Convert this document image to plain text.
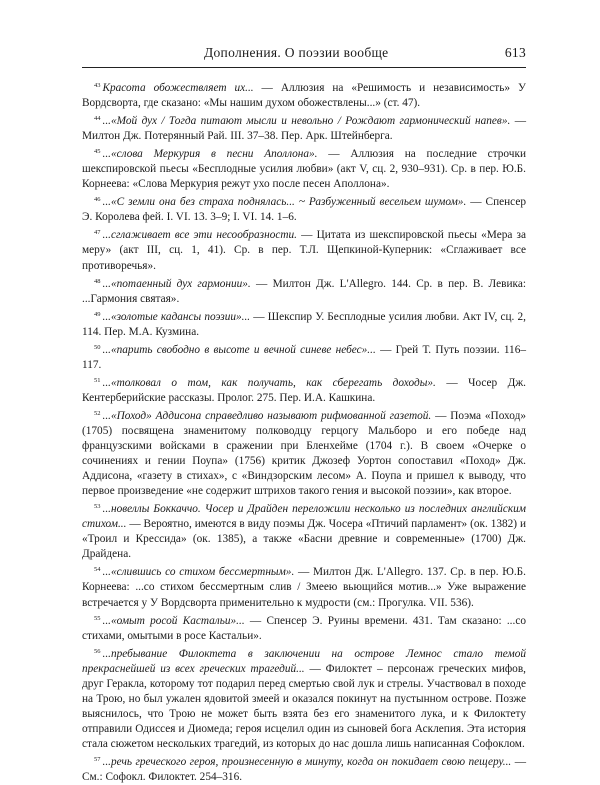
Дополнения. О поэзии вообще	613

$^{43}$ Красота обожествляет их... — Аллюзия на «Решимость и независимость» У Вордсворта, где сказано: «Мы нашим духом обожествлены...» (ст. 47).

$^{44}$ ...«Мой дух / Тогда питают мысли и невольно / Рождают гармонический напев». — Милтон Дж. Потерянный Рай. III. 37–38. Пер. Арк. Штейнберга.

$^{45}$ ...«слова Меркурия в песни Аполлона». — Аллюзия на последние строчки шекспировской пьесы «Бесплодные усилия любви» (акт V, сц. 2, 930–931). Ср. в пер. Ю.Б. Корнеева: «Слова Меркурия режут ухо после песен Аполлона».

$^{46}$ ...«С земли она без страха поднялась... ~ Разбуженный весельем шумом». — Спенсер Э. Королева фей. I. VI. 13. 3–9; I. VI. 14. 1–6.

$^{47}$ ...сглаживает все эти несообразности. — Цитата из шекспировской пьесы «Мера за меру» (акт III, сц. 1, 41). Ср. в пер. Т.Л. Щепкиной-Куперник: «Сглаживает все противоречья».

$^{48}$ ...«потаенный дух гармонии». — Милтон Дж. L'Allegro. 144. Ср. в пер. В. Левика: ...Гармония святая».

$^{49}$ ...«золотые кадансы поэзии»... — Шекспир У. Бесплодные усилия любви. Акт IV, сц. 2, 114. Пер. М.А. Кузмина.

$^{50}$ ...«парить свободно в высоте и вечной синеве небес»... — Грей Т. Путь поэзии. 116–117.

$^{51}$ ...«толковал о том, как получать, как сберегать доходы». — Чосер Дж. Кентерберийские рассказы. Пролог. 275. Пер. И.А. Кашкина.

$^{52}$ ...«Поход» Аддисона справедливо называют рифмованной газетой. — Поэма «Поход» (1705) посвящена знаменитому полководцу герцогу Мальборо и его победе над французскими войсками в сражении при Бленхейме (1704 г.). В своем «Очерке о сочинениях и гении Поупа» (1756) критик Джозеф Уортон сопоставил «Поход» Дж. Аддисона, «газету в стихах», с «Виндзорским лесом» А. Поупа и пришел к выводу, что первое произведение «не содержит штрихов такого гения и высокой поэзии», как второе.

$^{53}$ ...новеллы Боккаччо. Чосер и Драйден переложили несколько из последних английским стихом... — Вероятно, имеются в виду поэмы Дж. Чосера «Птичий парламент» (ок. 1382) и «Троил и Крессида» (ок. 1385), а также «Басни древние и современные» (1700) Дж. Драйдена.

$^{54}$ ...«слившись со стихом бессмертным». — Милтон Дж. L'Allegro. 137. Ср. в пер. Ю.Б. Корнеева: ...со стихом бессмертным слив / Змеею вьющийся мотив...» Уже выражение встречается у У Вордсворта применительно к мудрости (см.: Прогулка. VII. 536).

$^{55}$ ...«омыт росой Кастальи»... — Спенсер Э. Руины времени. 431. Там сказано: ...со стихами, омытыми в росе Кастальи».

$^{56}$ ...пребывание Филоктета в заключении на острове Лемнос стало темой прекраснейшей из всех греческих трагедий... — Филоктет – персонаж греческих мифов, друг Геракла, которому тот подарил перед смертью свой лук и стрелы. Участвовал в походе на Трою, но был ужален ядовитой змеей и оказался покинут на пустынном острове. Позже выяснилось, что Трою не может быть взята без его знаменитого лука, и к Филоктету отправили Одиссея и Диомеда; героя исцелил один из сыновей бога Асклепия. Эта история стала сюжетом нескольких трагедий, из которых до нас дошла лишь написанная Софоклом.

$^{57}$ ...речь греческого героя, произнесенную в минуту, когда он покидает свою пещеру... — См.: Софокл. Филоктет. 254–316.
